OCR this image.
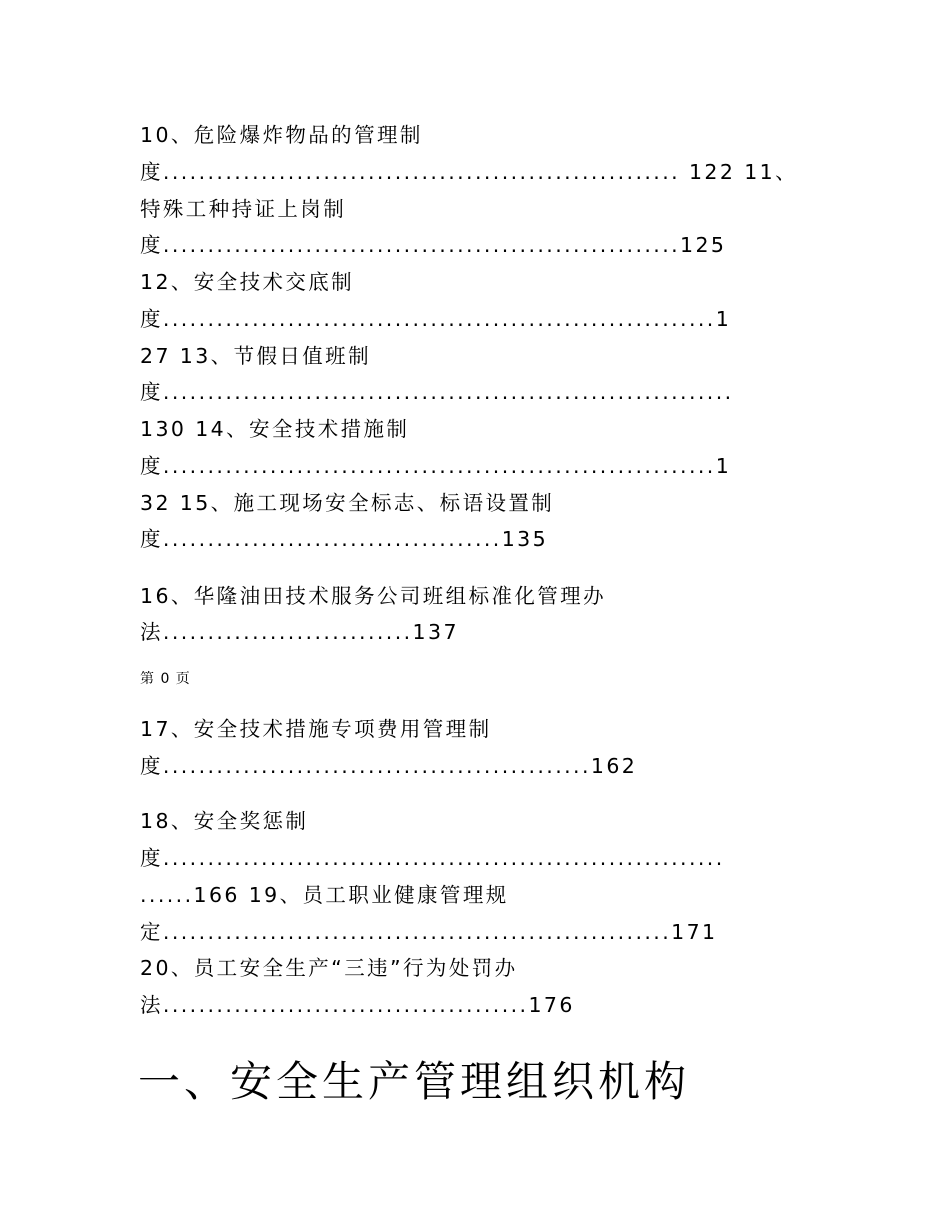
10、危险爆炸物品的管理制

度.......................................................... 122 11、

特殊工种持证上岗制

度..........................................................125

12、安全技术交底制

度..............................................................1

27 13、节假日值班制

度................................................................

130 14、安全技术措施制

度..............................................................1

32 15、施工现场安全标志、标语设置制

度......................................135

16、华隆油田技术服务公司班组标准化管理办

法............................137

第 0 页

17、安全技术措施专项费用管理制

度................................................162

18、安全奖惩制

度...............................................................

......166 19、员工职业健康管理规

定.........................................................171

20、员工安全生产“三违”行为处罚办

法.........................................176

一、安全生产管理组织机构
